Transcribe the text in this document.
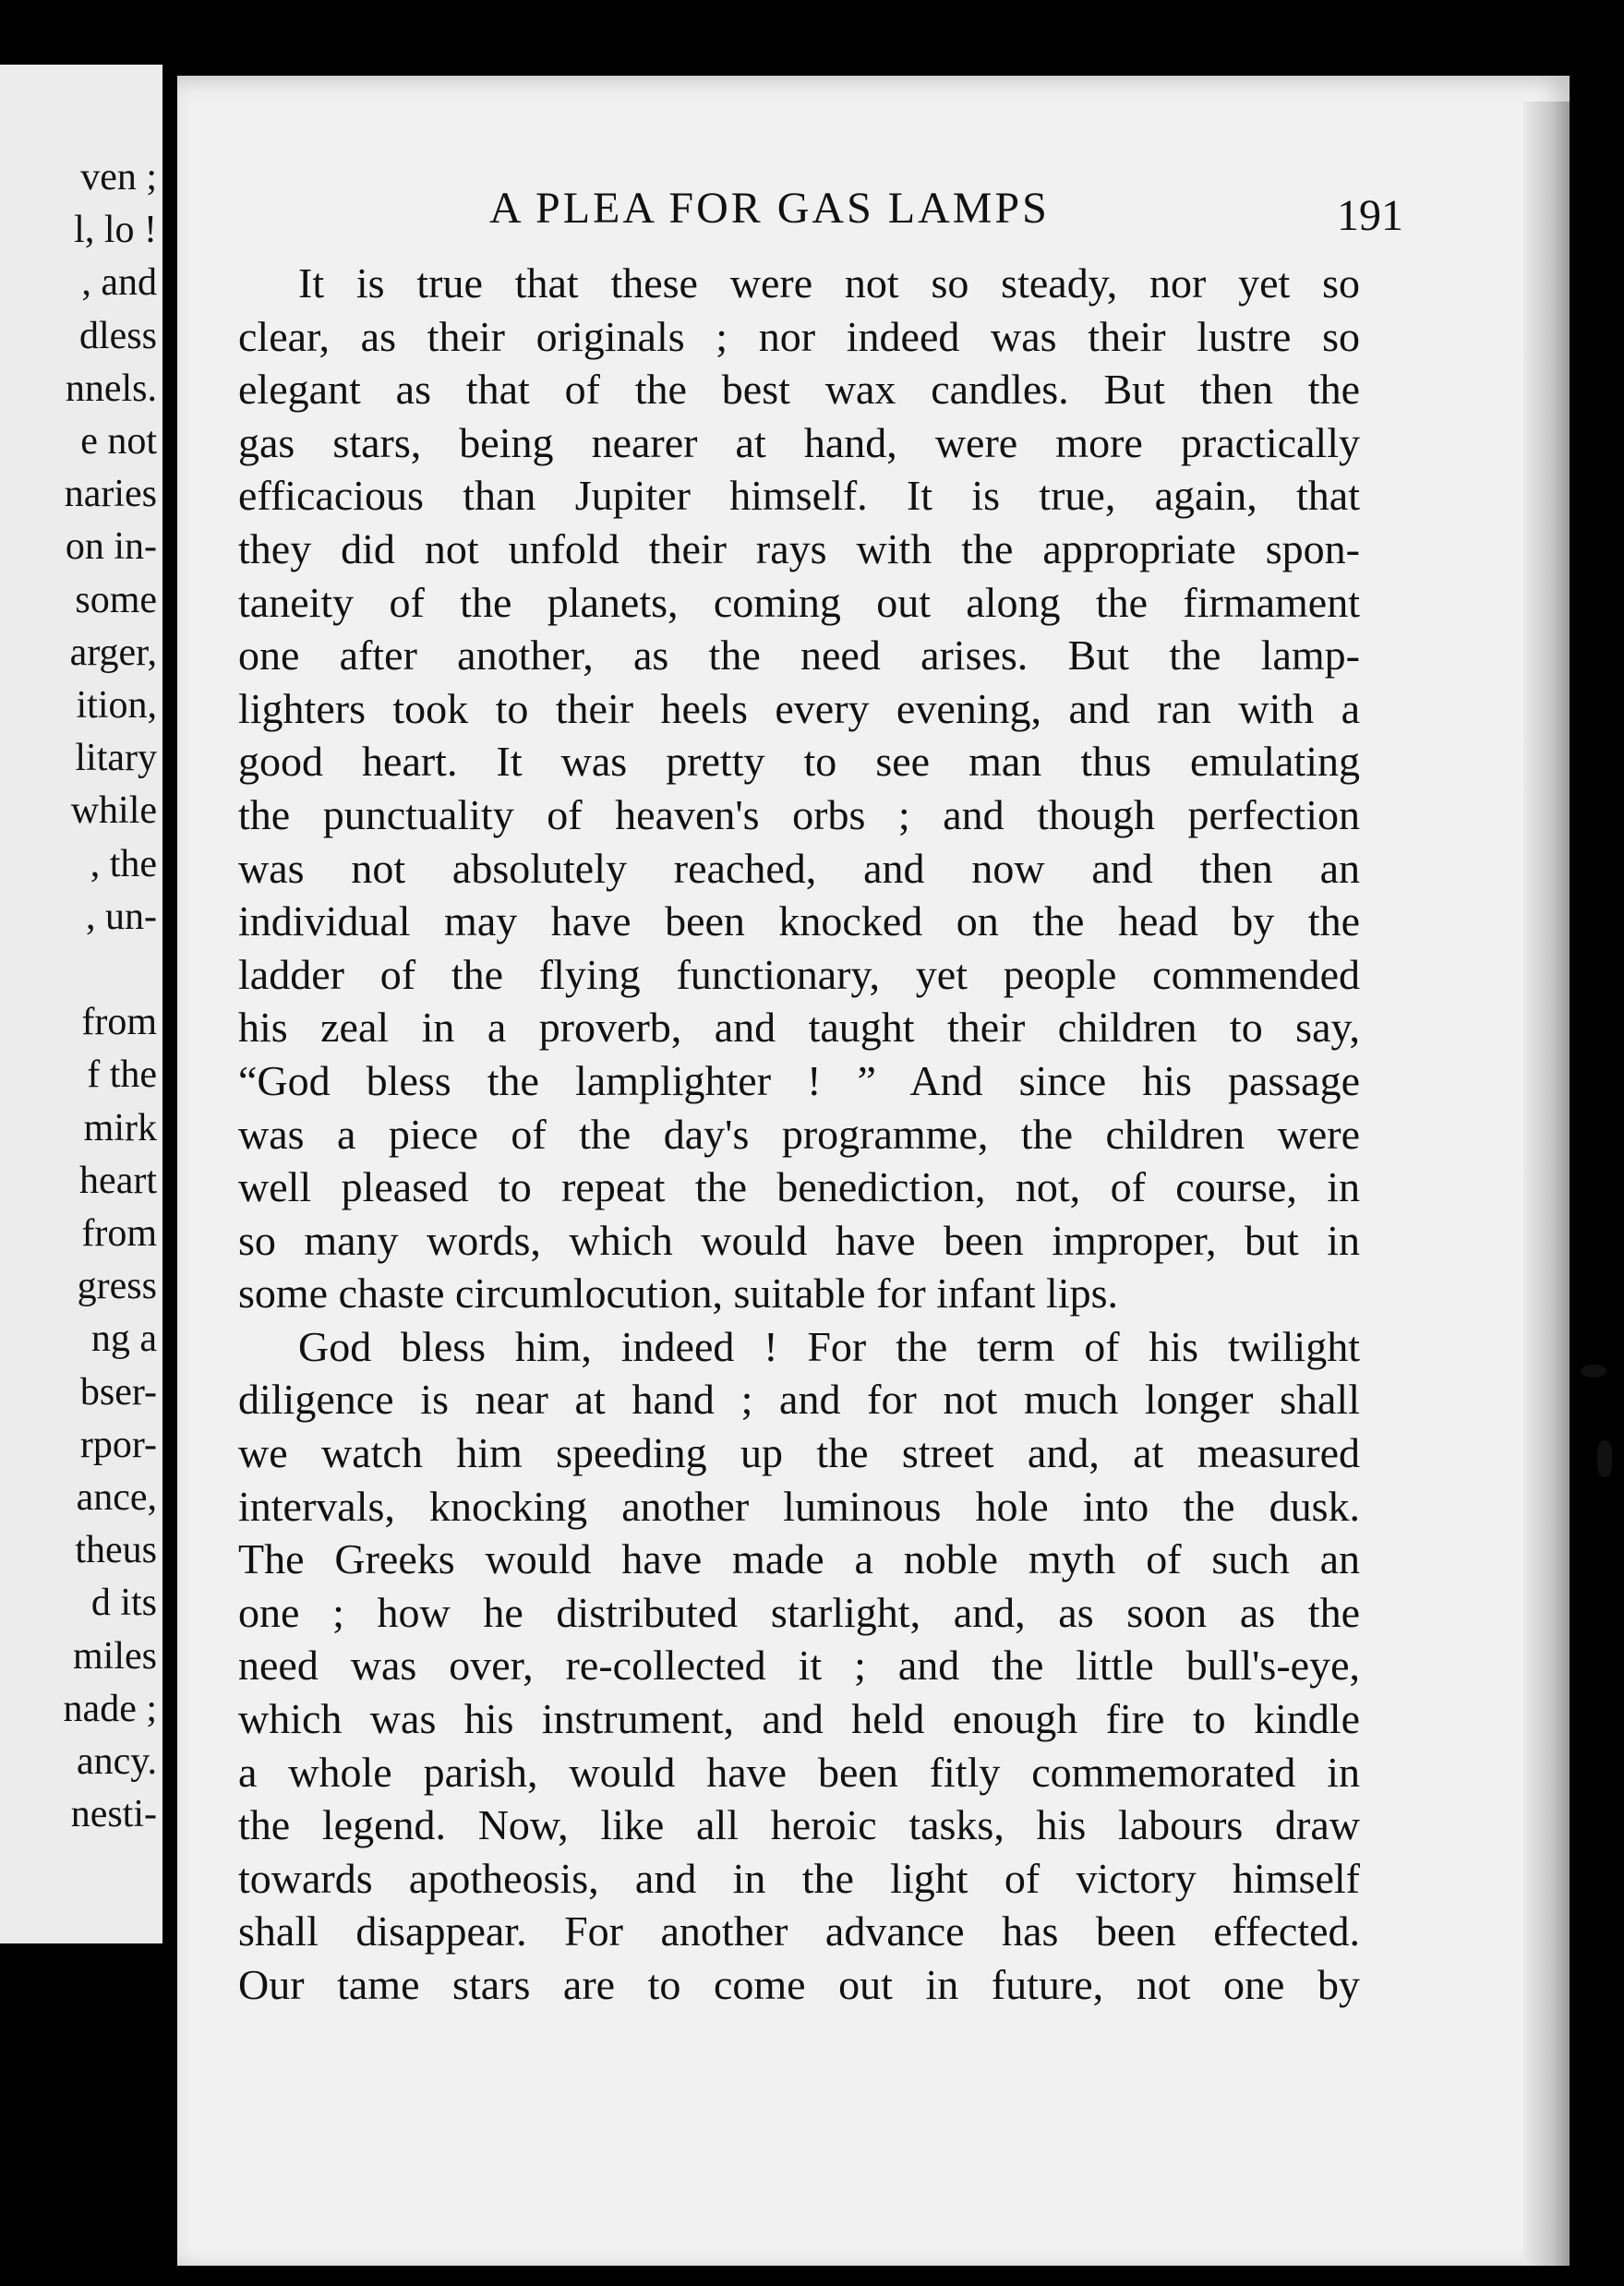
ven ;
l, lo !
, and
dless
nnels.
e not
naries
on in-
some
arger,
ition,
litary
while
, the
, un-
from
f the
mirk
heart
from
gress
ng a
bser-
rpor-
ance,
theus
d its
miles
nade ;
ancy.
nesti-
A PLEA FOR GAS LAMPS	191
It is true that these were not so steady, nor yet so
clear, as their originals ; nor indeed was their lustre so
elegant as that of the best wax candles. But then the
gas stars, being nearer at hand, were more practically
efficacious than Jupiter himself. It is true, again, that
they did not unfold their rays with the appropriate spon-
taneity of the planets, coming out along the firmament
one after another, as the need arises. But the lamp-
lighters took to their heels every evening, and ran with a
good heart. It was pretty to see man thus emulating
the punctuality of heaven's orbs ; and though perfection
was not absolutely reached, and now and then an
individual may have been knocked on the head by the
ladder of the flying functionary, yet people commended
his zeal in a proverb, and taught their children to say,
“God bless the lamplighter ! ” And since his passage
was a piece of the day's programme, the children were
well pleased to repeat the benediction, not, of course, in
so many words, which would have been improper, but in
some chaste circumlocution, suitable for infant lips.
God bless him, indeed ! For the term of his twilight
diligence is near at hand ; and for not much longer shall
we watch him speeding up the street and, at measured
intervals, knocking another luminous hole into the dusk.
The Greeks would have made a noble myth of such an
one ; how he distributed starlight, and, as soon as the
need was over, re-collected it ; and the little bull's-eye,
which was his instrument, and held enough fire to kindle
a whole parish, would have been fitly commemorated in
the legend. Now, like all heroic tasks, his labours draw
towards apotheosis, and in the light of victory himself
shall disappear. For another advance has been effected.
Our tame stars are to come out in future, not one by
